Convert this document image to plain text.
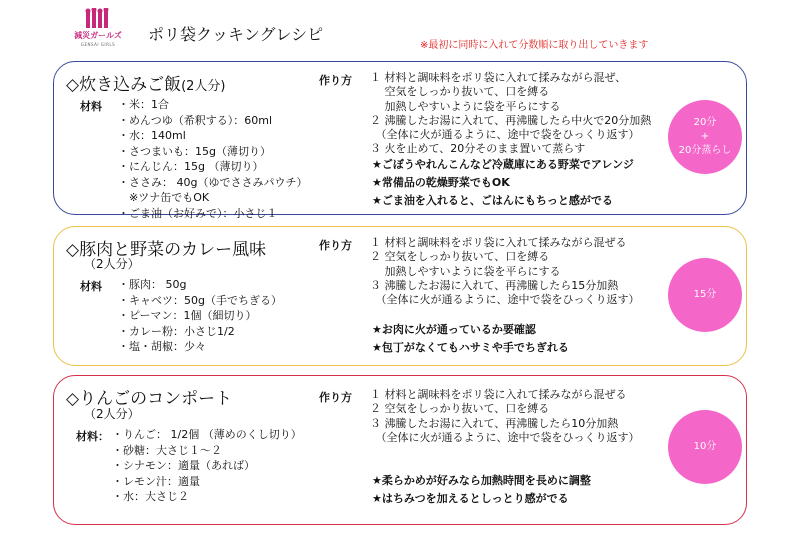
減災ガールズ
GENSAI GIRLS
ポリ袋クッキングレシピ
※最初に同時に入れて分数順に取り出していきます
◇炊き込みご飯(2人分)
材料 ・米：1合
・めんつゆ（希釈する）：60ml
・水：140ml
・さつまいも：15g（薄切り）
・にんじん：15g （薄切り）
・ささみ： 40g（ゆでささみパウチ）
　※ツナ缶でもOK
・ごま油（お好みで）：小さじ１
作り方 １ 材料と調味料をポリ袋に入れて揉みながら混ぜ、
　 空気をしっかり抜いて、口を縛る
　 加熱しやすいように袋を平らにする
２ 沸騰したお湯に入れて、再沸騰したら中火で20分加熱
　（全体に火が通るように、途中で袋をひっくり返す）
３ 火を止めて、20分そのまま置いて蒸らす
★ごぼうやれんこんなど冷蔵庫にある野菜でアレンジ
★常備品の乾燥野菜でもOK
★ごま油を入れると、ごはんにもちっと感がでる
20分
+
20分蒸らし
◇豚肉と野菜のカレー風味
（2人分）
材料 ・豚肉： 50g
・キャベツ：50g（手でちぎる）
・ピーマン：1個（細切り）
・カレー粉：小さじ1/2
・塩・胡椒：少々
作り方 １ 材料と調味料をポリ袋に入れて揉みながら混ぜる
２ 空気をしっかり抜いて、口を縛る
　 加熱しやすいように袋を平らにする
３ 沸騰したお湯に入れて、再沸騰したら15分加熱
　（全体に火が通るように、途中で袋をひっくり返す）
★お肉に火が通っているか要確認
★包丁がなくてもハサミや手でちぎれる
15分
◇りんごのコンポート
（2人分）
材料： ・りんご： 1/2個 （薄めのくし切り）
・砂糖：大さじ１～２
・シナモン：適量（あれば）
・レモン汁：適量
・水：大さじ２
作り方 １ 材料と調味料をポリ袋に入れて揉みながら混ぜる
２ 空気をしっかり抜いて、口を縛る
３ 沸騰したお湯に入れて、再沸騰したら10分加熱
　（全体に火が通るように、途中で袋をひっくり返す）
★柔らかめが好みなら加熱時間を長めに調整
★はちみつを加えるとしっとり感がでる
10分
